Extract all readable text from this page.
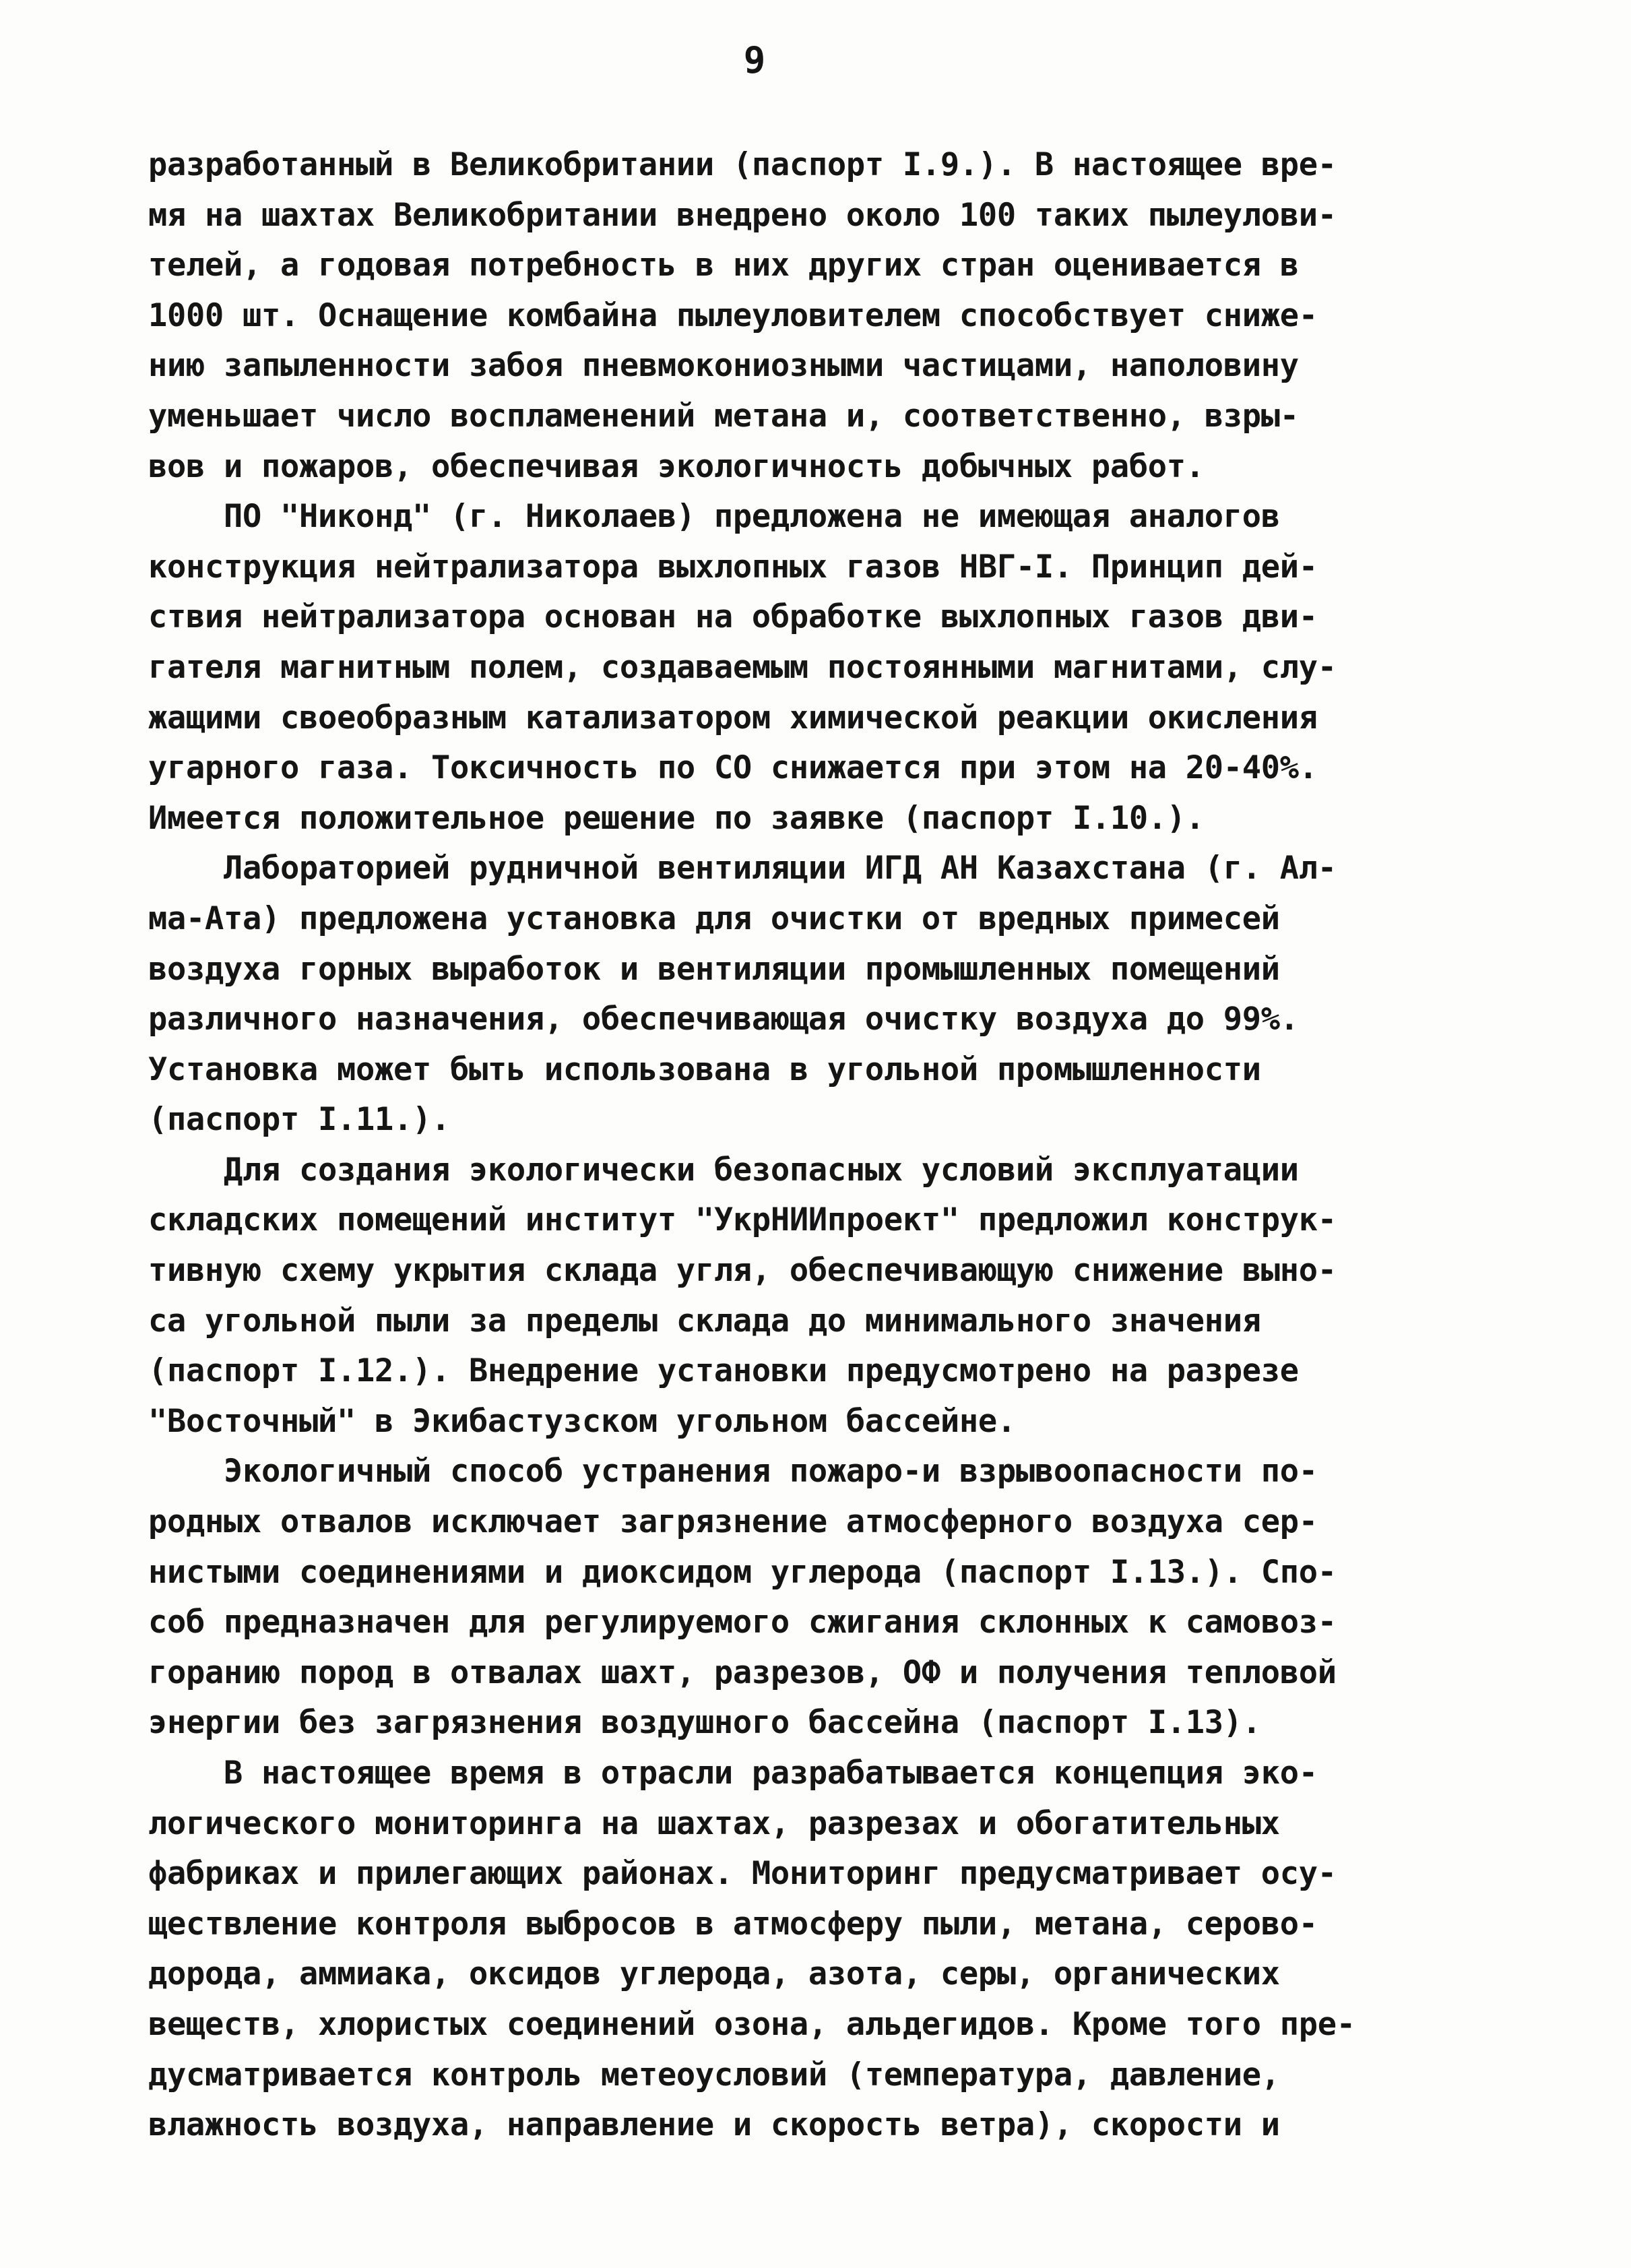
9
разработанный в Великобритании (паспорт I.9.). В настоящее вре-
мя на шахтах Великобритании внедрено около 100 таких пылеулови-
телей, а годовая потребность в них других стран оценивается в
1000 шт. Оснащение комбайна пылеуловителем способствует сниже-
нию запыленности забоя пневмокониозными частицами, наполовину
уменьшает число воспламенений метана и, соответственно, взры-
вов и пожаров, обеспечивая экологичность добычных работ.
ПО "Никонд" (г. Николаев) предложена не имеющая аналогов
конструкция нейтрализатора выхлопных газов НВГ-I. Принцип дей-
ствия нейтрализатора основан на обработке выхлопных газов дви-
гателя магнитным полем, создаваемым постоянными магнитами, слу-
жащими своеобразным катализатором химической реакции окисления
угарного газа. Токсичность по СО снижается при этом на 20-40%.
Имеется положительное решение по заявке (паспорт I.10.).
Лабораторией рудничной вентиляции ИГД АН Казахстана (г. Ал-
ма-Ата) предложена установка для очистки от вредных примесей
воздуха горных выработок и вентиляции промышленных помещений
различного назначения, обеспечивающая очистку воздуха до 99%.
Установка может быть использована в угольной промышленности
(паспорт I.11.).
Для создания экологически безопасных условий эксплуатации
складских помещений институт "УкрНИИпроект" предложил конструк-
тивную схему укрытия склада угля, обеспечивающую снижение выно-
са угольной пыли за пределы склада до минимального значения
(паспорт I.12.). Внедрение установки предусмотрено на разрезе
"Восточный" в Экибастузском угольном бассейне.
Экологичный способ устранения пожаро-и взрывоопасности по-
родных отвалов исключает загрязнение атмосферного воздуха сер-
нистыми соединениями и диоксидом углерода (паспорт I.13.). Спо-
соб предназначен для регулируемого сжигания склонных к самовоз-
горанию пород в отвалах шахт, разрезов, ОФ и получения тепловой
энергии без загрязнения воздушного бассейна (паспорт I.13).
В настоящее время в отрасли разрабатывается концепция эко-
логического мониторинга на шахтах, разрезах и обогатительных
фабриках и прилегающих районах. Мониторинг предусматривает осу-
ществление контроля выбросов в атмосферу пыли, метана, серово-
дорода, аммиака, оксидов углерода, азота, серы, органических
веществ, хлористых соединений озона, альдегидов. Кроме того пре-
дусматривается контроль метеоусловий (температура, давление,
влажность воздуха, направление и скорость ветра), скорости и
